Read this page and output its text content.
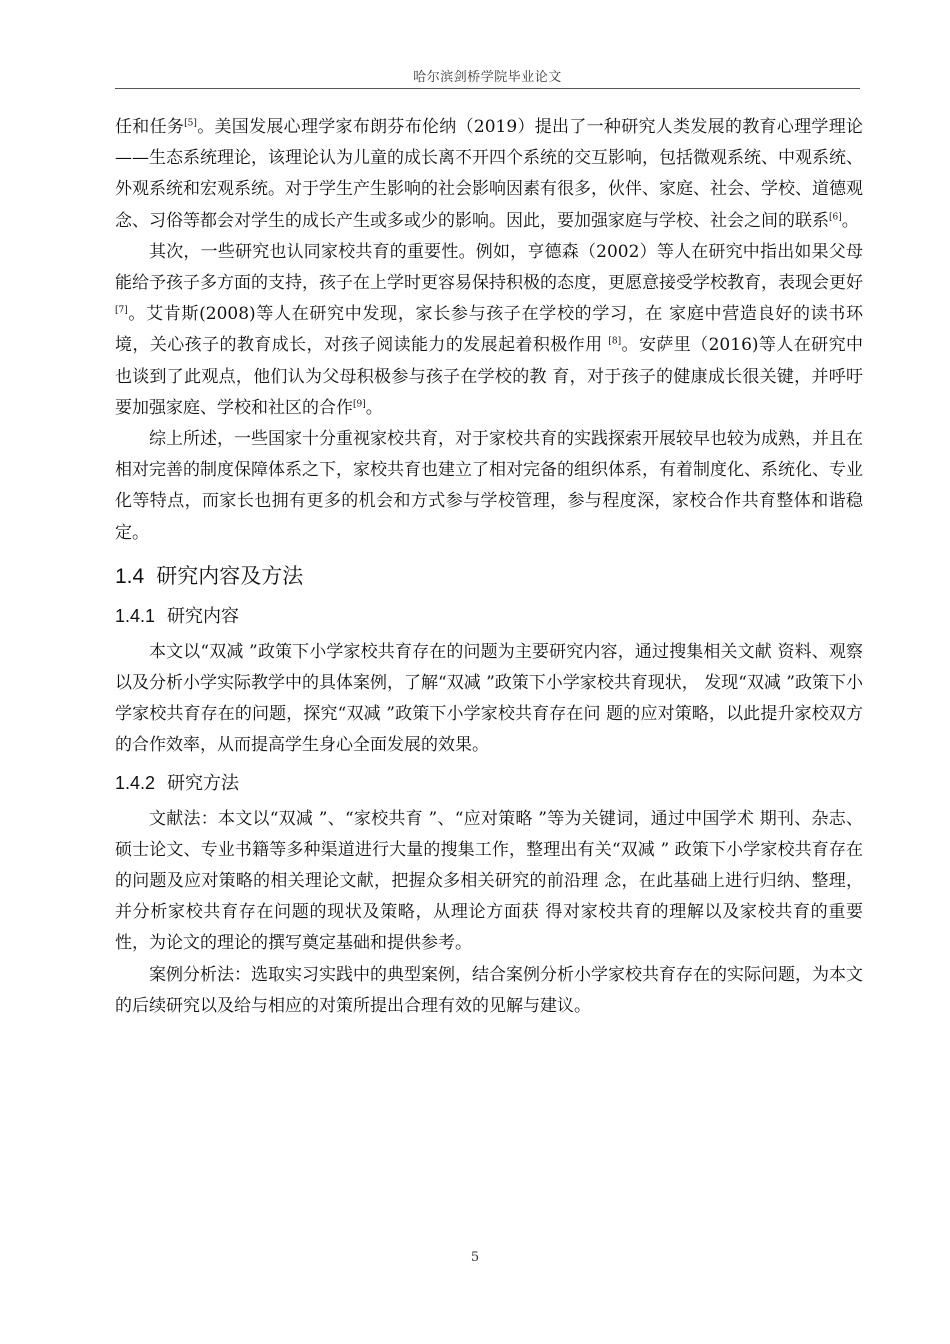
哈尔滨剑桥学院毕业论文

任和任务[5]。美国发展心理学家布朗芬布伦纳（2019）提出了一种研究人类发展的教育心理学理论——生态系统理论，该理论认为儿童的成长离不开四个系统的交互影响，包括微观系统、中观系统、外观系统和宏观系统。对于学生产生影响的社会影响因素有很多，伙伴、家庭、社会、学校、道德观念、习俗等都会对学生的成长产生或多或少的影响。因此，要加强家庭与学校、社会之间的联系[6]。

其次，一些研究也认同家校共育的重要性。例如，亨德森（2002）等人在研究中指出如果父母能给予孩子多方面的支持，孩子在上学时更容易保持积极的态度，更愿意接受学校教育，表现会更好[7]。艾肯斯(2008)等人在研究中发现，家长参与孩子在学校的学习，在 家庭中营造良好的读书环境，关心孩子的教育成长，对孩子阅读能力的发展起着积极作用 [8]。安萨里（2016)等人在研究中也谈到了此观点，他们认为父母积极参与孩子在学校的教 育，对于孩子的健康成长很关键，并呼吁要加强家庭、学校和社区的合作[9]。

综上所述，一些国家十分重视家校共育，对于家校共育的实践探索开展较早也较为成熟，并且在相对完善的制度保障体系之下，家校共育也建立了相对完备的组织体系，有着制度化、系统化、专业化等特点，而家长也拥有更多的机会和方式参与学校管理，参与程度深，家校合作共育整体和谐稳定。

1.4 研究内容及方法
1.4.1 研究内容

本文以“双减 ”政策下小学家校共育存在的问题为主要研究内容，通过搜集相关文献 资料、观察以及分析小学实际教学中的具体案例，了解“双减 ”政策下小学家校共育现状， 发现“双减 ”政策下小学家校共育存在的问题，探究“双减 ”政策下小学家校共育存在问 题的应对策略，以此提升家校双方的合作效率，从而提高学生身心全面发展的效果。

1.4.2 研究方法

文献法：本文以“双减 ”、“家校共育 ”、“应对策略 ”等为关键词，通过中国学术 期刊、杂志、硕士论文、专业书籍等多种渠道进行大量的搜集工作，整理出有关“双减 ” 政策下小学家校共育存在的问题及应对策略的相关理论文献，把握众多相关研究的前沿理 念，在此基础上进行归纳、整理，并分析家校共育存在问题的现状及策略，从理论方面获 得对家校共育的理解以及家校共育的重要性，为论文的理论的撰写奠定基础和提供参考。

案例分析法：选取实习实践中的典型案例，结合案例分析小学家校共育存在的实际问题，为本文的后续研究以及给与相应的对策所提出合理有效的见解与建议。

5
